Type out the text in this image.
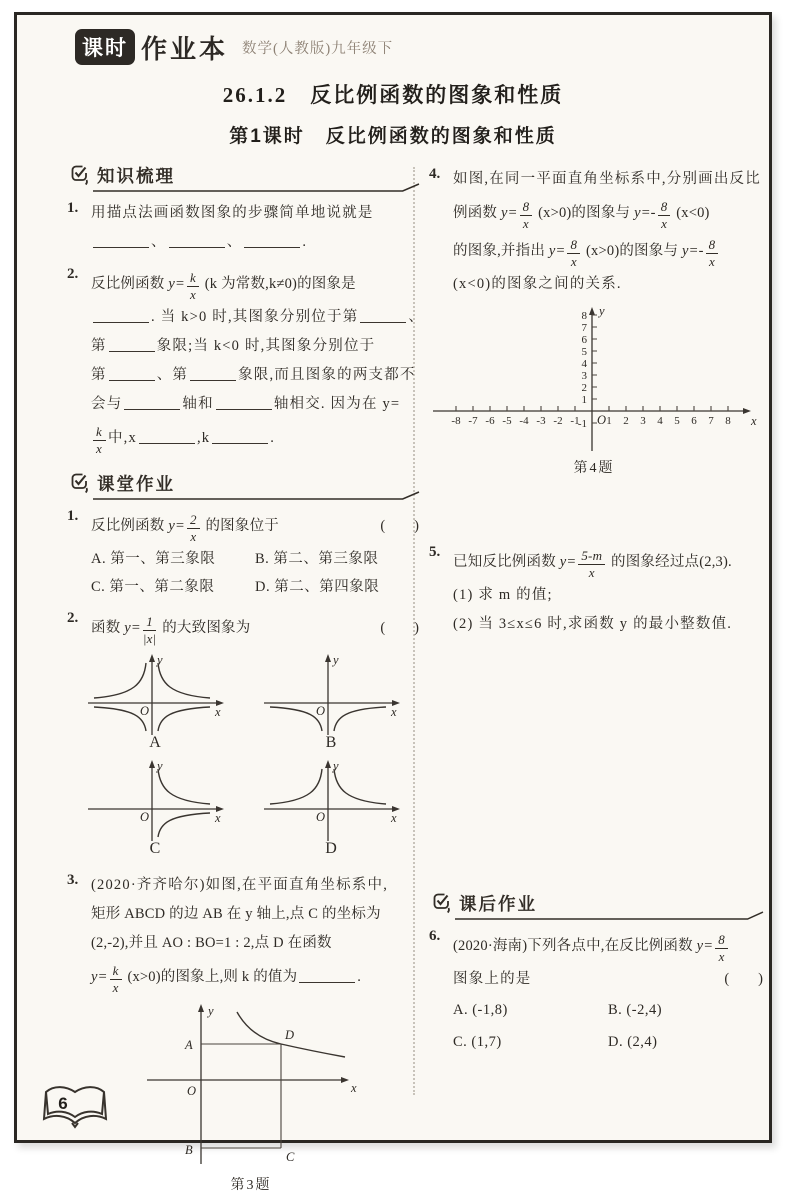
课时 作业本 数学(人教版)九年级下
26.1.2　反比例函数的图象和性质
第1课时　反比例函数的图象和性质
知识梳理
1. 用描点法画函数图象的步骤简单地说就是
、	、	.
2.
反比例函数 $y= \frac{k}{x} (k$ 为常数,k≠0)的图象是
. 当 k>0 时,其图象分别位于第	、
第	象限;当 k<0 时,其图象分别位于
第	、第	象限,而且图象的两支都不
会与	轴和	轴相交. 因为在 y=
$\frac{k}{x}$ 中,x	,k	.
课堂作业
1.
(        )
反比例函数 $y= \frac{2}{x}$ 的图象位于
A. 第一、第三象限	B. 第二、第三象限
C. 第一、第二象限	D. 第二、第四象限
2.
(        )
函数 $y= \frac{1}{|x|}$ 的大致图象为
y
x
O
A
y
x
O
B
y
x
O
C
y
x
O
D
3. (2020·齐齐哈尔)如图,在平面直角坐标系中,
矩形 ABCD 的边 AB 在 y 轴上,点 C 的坐标为
(2,-2),并且 AO : BO=1 : 2,点 D 在函数
$y= \frac{k}{x} (x>0)$的图象上,则 k 的值为	.
y
x
O
A
D
B	C
第3题
4. 如图,在同一平面直角坐标系中,分别画出反比
例函数 $y= \frac{8}{x} (x>0)$的图象与 $y=- \frac{8}{x} (x<0)$
的图象,并指出 $y= \frac{8}{x} (x>0)$的图象与 $y=- \frac{8}{x}$
(x<0)的图象之间的关系.
-8 -7 -6 -5 -4 -3 -2 -1 1 2 3 4 5 6 7 8
8
7
6
5
4
3
2
1
-1
y
x
O
第4题
5.
已知反比例函数 $y= \frac{5-m}{x}$ 的图象经过点(2,3).
(1) 求 m 的值;
(2) 当 3≤x≤6 时,求函数 y 的最小整数值.
课后作业
6.
(2020·海南)下列各点中,在反比例函数 $y= \frac{8}{x}$
(        )
图象上的是
A. (-1,8)	B. (-2,4)
C. (1,7)	D. (2,4)
6
